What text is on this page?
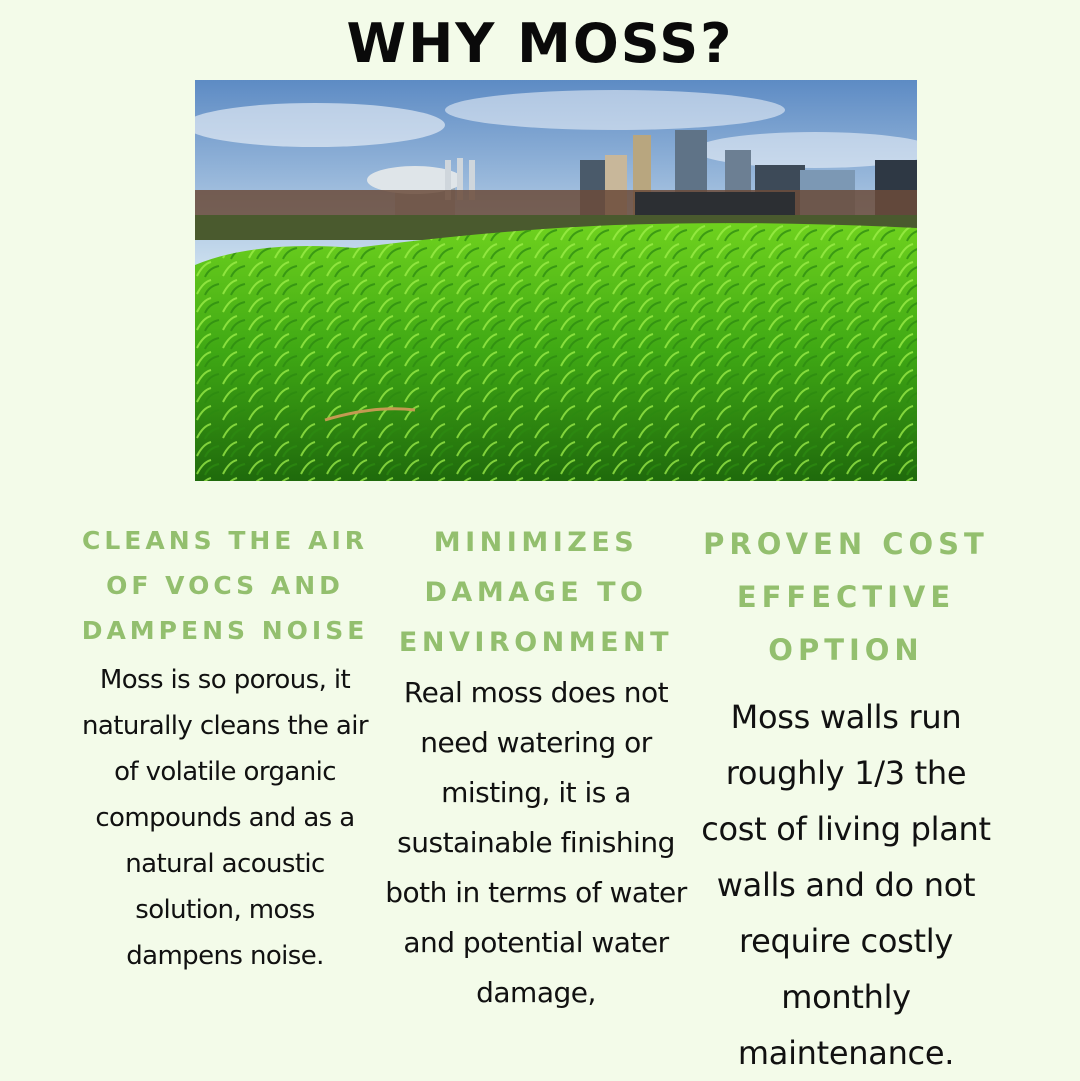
WHY MOSS?
CLEANS THE AIR OF VOCS AND DAMPENS NOISE
Moss is so porous, it naturally cleans the air of volatile organic compounds and as a natural acoustic solution, moss dampens noise.
MINIMIZES DAMAGE TO ENVIRONMENT
Real moss does not need watering or misting, it is a sustainable finishing both in terms of water and potential water damage,
PROVEN COST EFFECTIVE OPTION
Moss walls run roughly 1/3 the cost of living plant walls and do not require costly monthly maintenance.
